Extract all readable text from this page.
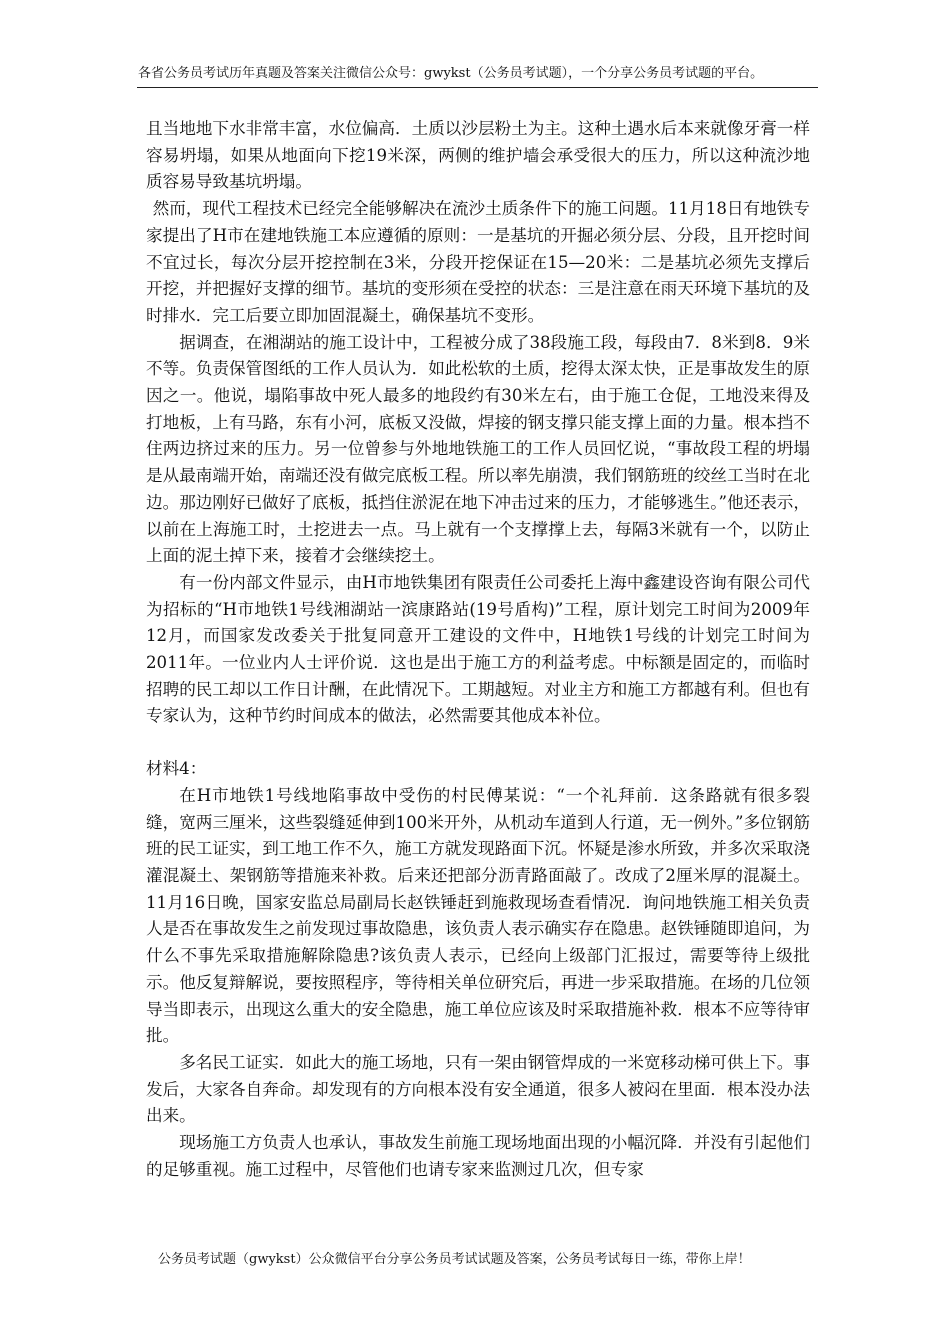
各省公务员考试历年真题及答案关注微信公众号：gwykst（公务员考试题），一个分享公务员考试题的平台。

且当地地下水非常丰富，水位偏高．土质以沙层粉土为主。这种土遇水后本来就像牙膏一样容易坍塌，如果从地面向下挖19米深，两侧的维护墙会承受很大的压力，所以这种流沙地质容易导致基坑坍塌。

然而，现代工程技术已经完全能够解决在流沙土质条件下的施工问题。11月18日有地铁专家提出了H市在建地铁施工本应遵循的原则：一是基坑的开掘必须分层、分段，且开挖时间不宜过长，每次分层开挖控制在3米，分段开挖保证在15—20米：二是基坑必须先支撑后开挖，并把握好支撑的细节。基坑的变形须在受控的状态：三是注意在雨天环境下基坑的及时排水．完工后要立即加固混凝土，确保基坑不变形。

据调查，在湘湖站的施工设计中，工程被分成了38段施工段，每段由7．8米到8．9米不等。负责保管图纸的工作人员认为．如此松软的土质，挖得太深太快，正是事故发生的原因之一。他说，塌陷事故中死人最多的地段约有30米左右，由于施工仓促，工地没来得及打地板，上有马路，东有小河，底板又没做，焊接的钢支撑只能支撑上面的力量。根本挡不住两边挤过来的压力。另一位曾参与外地地铁施工的工作人员回忆说，“事故段工程的坍塌是从最南端开始，南端还没有做完底板工程。所以率先崩溃，我们钢筋班的绞丝工当时在北边。那边刚好已做好了底板，抵挡住淤泥在地下冲击过来的压力，才能够逃生。”他还表示，以前在上海施工时，土挖进去一点。马上就有一个支撑撑上去，每隔3米就有一个，以防止上面的泥土掉下来，接着才会继续挖土。

有一份内部文件显示，由H市地铁集团有限责任公司委托上海中鑫建设咨询有限公司代为招标的“H市地铁1号线湘湖站一滨康路站(19号盾构)”工程，原计划完工时间为2009年12月，而国家发改委关于批复同意开工建设的文件中，H地铁1号线的计划完工时间为2011年。一位业内人士评价说．这也是出于施工方的利益考虑。中标额是固定的，而临时招聘的民工却以工作日计酬，在此情况下。工期越短。对业主方和施工方都越有利。但也有专家认为，这种节约时间成本的做法，必然需要其他成本补位。

材料4：

在H市地铁1号线地陷事故中受伤的村民傅某说：“一个礼拜前．这条路就有很多裂缝，宽两三厘米，这些裂缝延伸到100米开外，从机动车道到人行道，无一例外。”多位钢筋班的民工证实，到工地工作不久，施工方就发现路面下沉。怀疑是渗水所致，并多次采取浇灌混凝土、架钢筋等措施来补救。后来还把部分沥青路面敲了。改成了2厘米厚的混凝土。11月16日晚，国家安监总局副局长赵铁锤赶到施救现场查看情况．询问地铁施工相关负责人是否在事故发生之前发现过事故隐患，该负责人表示确实存在隐患。赵铁锤随即追问，为什么不事先采取措施解除隐患?该负责人表示，已经向上级部门汇报过，需要等待上级批示。他反复辩解说，要按照程序，等待相关单位研究后，再进一步采取措施。在场的几位领导当即表示，出现这么重大的安全隐患，施工单位应该及时采取措施补救．根本不应等待审批。

多名民工证实．如此大的施工场地，只有一架由钢管焊成的一米宽移动梯可供上下。事发后，大家各自奔命。却发现有的方向根本没有安全通道，很多人被闷在里面．根本没办法出来。

现场施工方负责人也承认，事故发生前施工现场地面出现的小幅沉降．并没有引起他们的足够重视。施工过程中，尽管他们也请专家来监测过几次，但专家

公务员考试题（gwykst）公众微信平台分享公务员考试试题及答案，公务员考试每日一练，带你上岸！
